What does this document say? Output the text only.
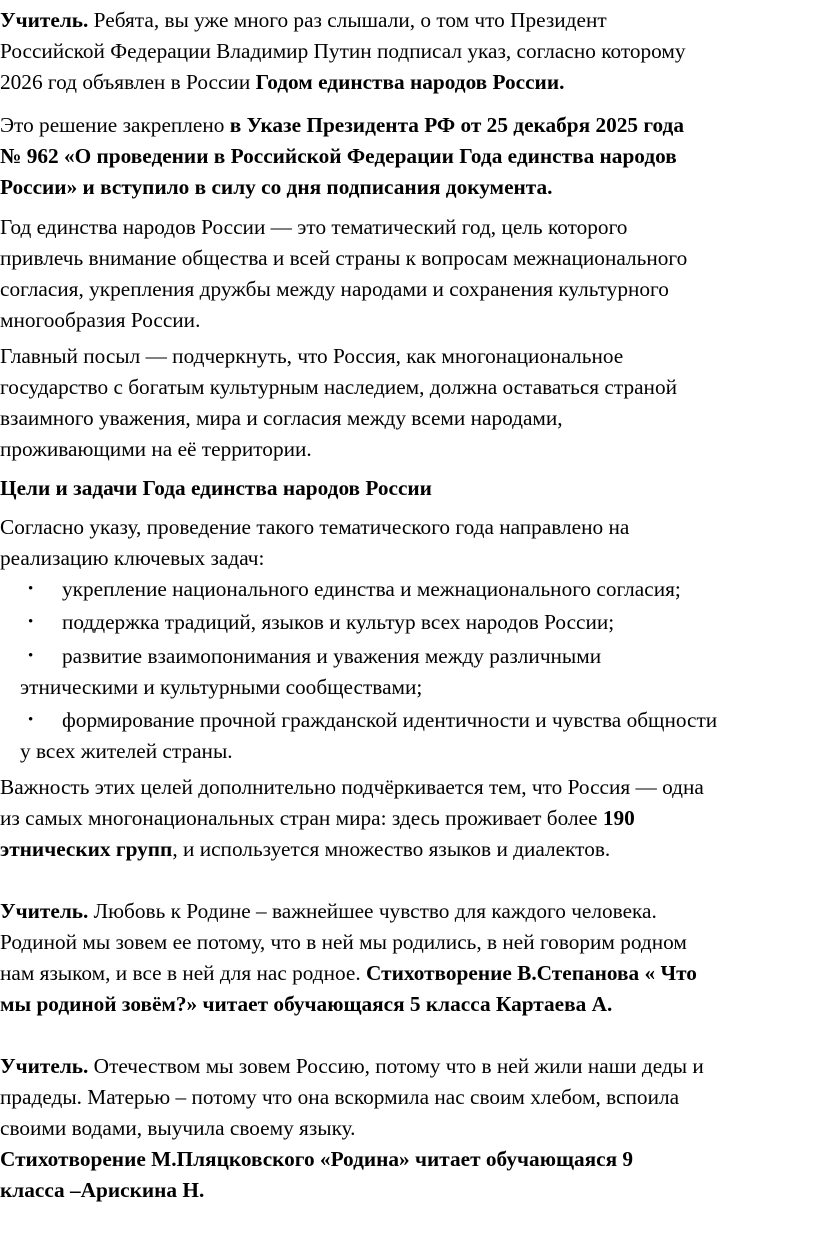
Учитель. Ребята, вы уже много раз слышали, о том что Президент
Российской Федерации Владимир Путин подписал указ, согласно которому
2026 год объявлен в России Годом единства народов России.
Это решение закреплено в Указе Президента РФ от 25 декабря 2025 года
№ 962 «О проведении в Российской Федерации Года единства народов
России» и вступило в силу со дня подписания документа.
Год единства народов России — это тематический год, цель которого
привлечь внимание общества и всей страны к вопросам межнационального
согласия, укрепления дружбы между народами и сохранения культурного
многообразия России.
Главный посыл — подчеркнуть, что Россия, как многонациональное
государство с богатым культурным наследием, должна оставаться страной
взаимного уважения, мира и согласия между всеми народами,
проживающими на её территории.
Цели и задачи Года единства народов России
Согласно указу, проведение такого тематического года направлено на
реализацию ключевых задач:
• укрепление национального единства и межнационального согласия;
• поддержка традиций, языков и культур всех народов России;
• развитие взаимопонимания и уважения между различными
этническими и культурными сообществами;
• формирование прочной гражданской идентичности и чувства общности
у всех жителей страны.
Важность этих целей дополнительно подчёркивается тем, что Россия — одна
из самых многонациональных стран мира: здесь проживает более 190
этнических групп, и используется множество языков и диалектов.
Учитель. Любовь к Родине – важнейшее чувство для каждого человека.
Родиной мы зовем ее потому, что в ней мы родились, в ней говорим родном
нам языком, и все в ней для нас родное. Стихотворение В.Степанова « Что
мы родиной зовём?» читает обучающаяся 5 класса Картаева А.
Учитель. Отечеством мы зовем Россию, потому что в ней жили наши деды и
прадеды. Матерью – потому что она вскормила нас своим хлебом, вспоила
своими водами, выучила своему языку.
Стихотворение М.Пляцковского «Родина» читает обучающаяся 9
класса –Арискина Н.
